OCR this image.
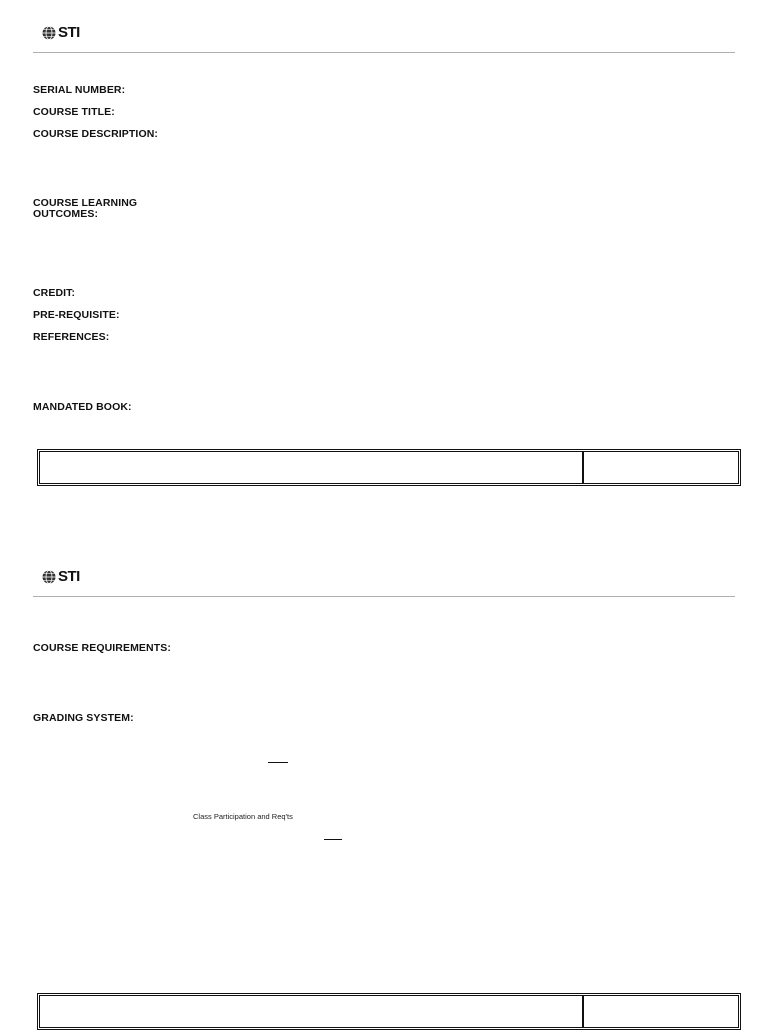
STI
SERIAL NUMBER:
COURSE TITLE:
COURSE DESCRIPTION:
COURSE LEARNING
OUTCOMES:
CREDIT:
PRE-REQUISITE:
REFERENCES:
MANDATED BOOK:
STI
COURSE REQUIREMENTS:
GRADING SYSTEM:
Class Participation and Req'ts
